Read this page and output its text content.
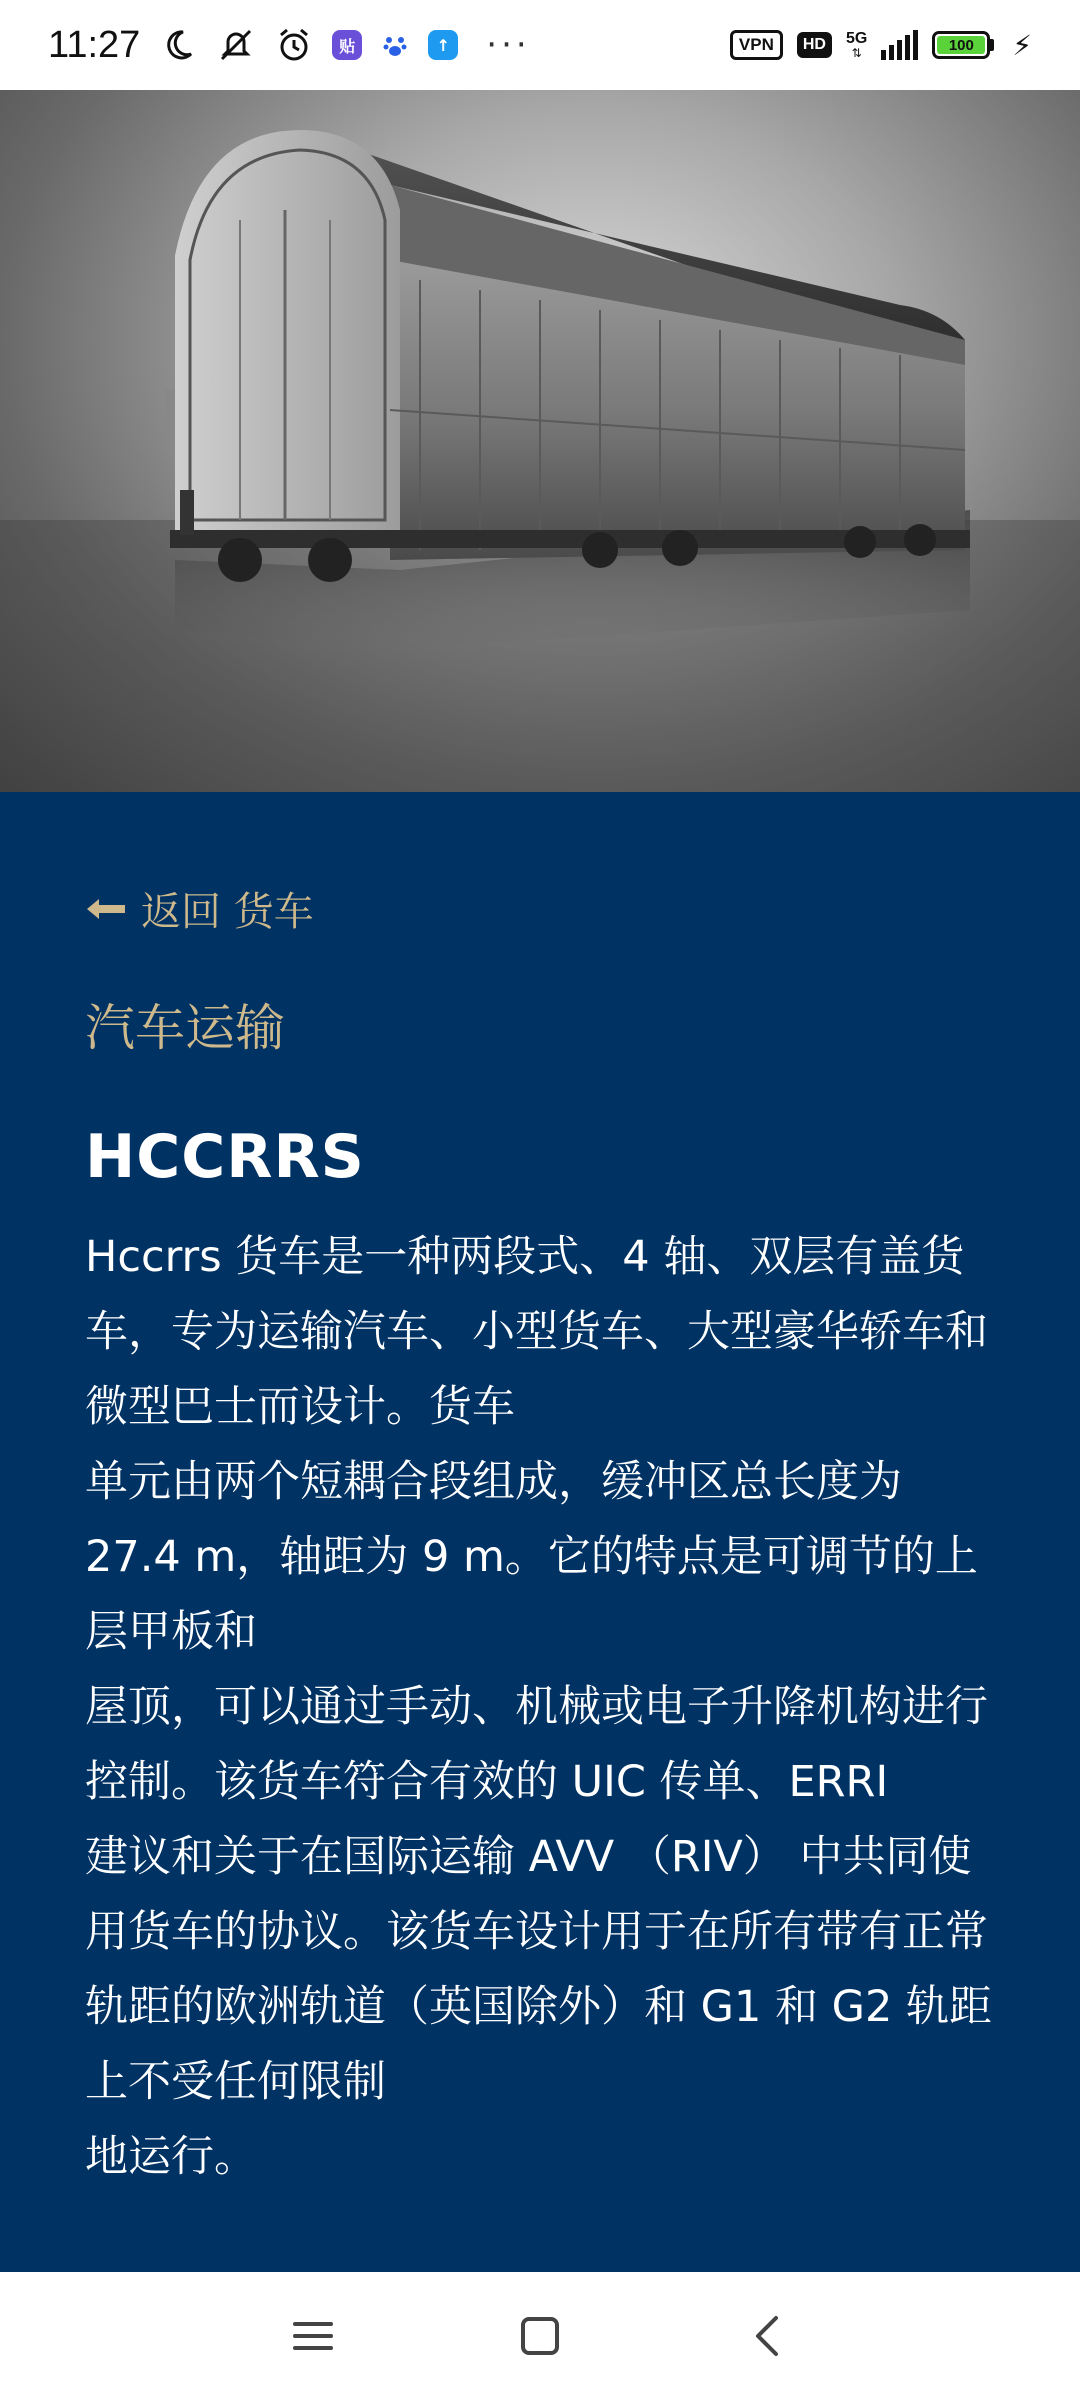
11:27	贴	↑ ···	VPN	HD	5G
⇅	100	⚡
返回 货车
汽车运输
HCCRRS

Hccrrs 货车是一种两段式、4 轴、双层有盖货车，专为运输汽车、小型货车、大型豪华轿车和微型巴士而设计。货车

单元由两个短耦合段组成，缓冲区总长度为 27.4 m，轴距为 9 m。它的特点是可调节的上层甲板和

屋顶，可以通过手动、机械或电子升降机构进行控制。该货车符合有效的 UIC 传单、ERRI

建议和关于在国际运输 AVV （RIV） 中共同使用货车的协议。该货车设计用于在所有带有正常轨距的欧洲轨道（英国除外）和 G1 和 G2 轨距上不受任何限制

地运行。
